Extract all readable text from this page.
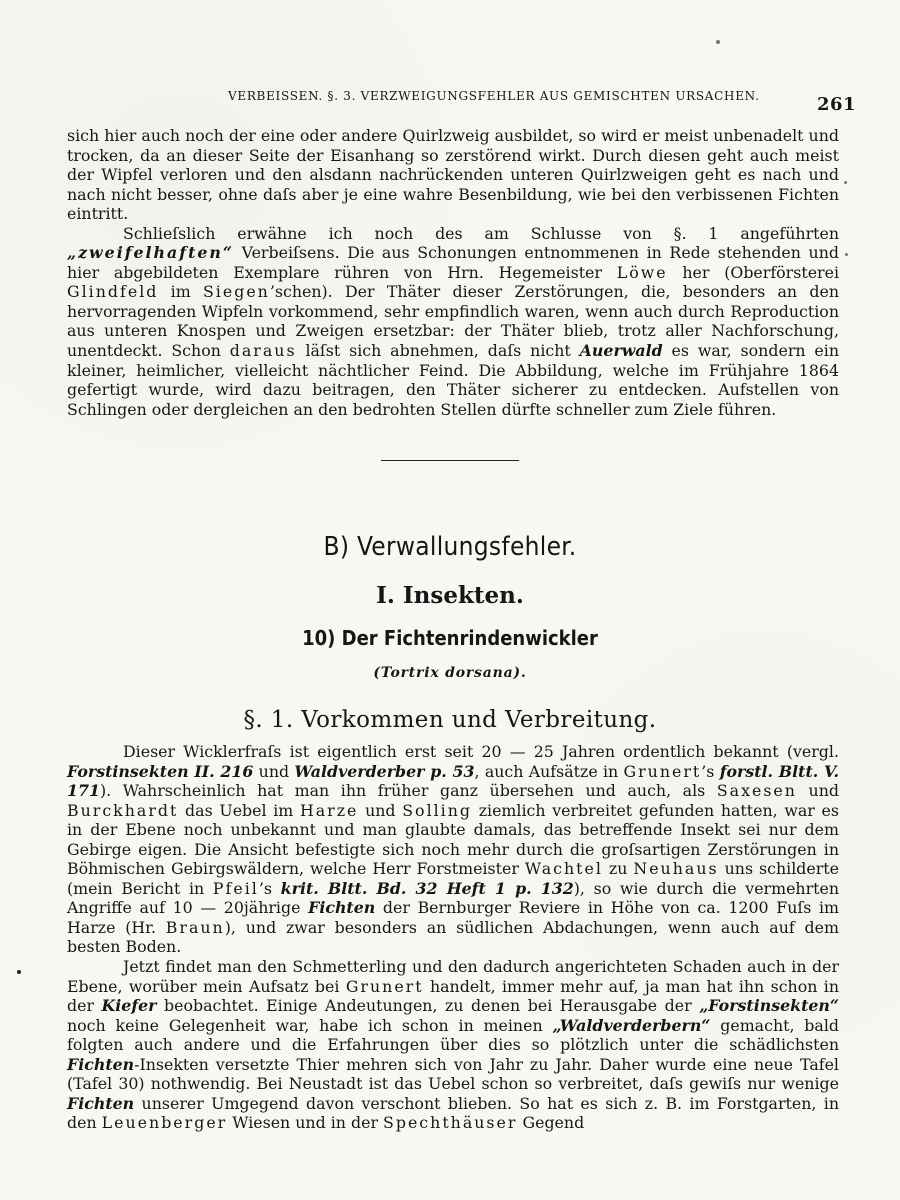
VERBEISSEN. §. 3. VERZWEIGUNGSFEHLER AUS GEMISCHTEN URSACHEN.	261

sich hier auch noch der eine oder andere Quirlzweig ausbildet, so wird er meist unbenadelt und trocken, da an dieser Seite der Eisanhang so zerstörend wirkt. Durch diesen geht auch meist der Wipfel verloren und den alsdann nachrückenden unteren Quirlzweigen geht es nach und nach nicht besser, ohne daſs aber je eine wahre Besenbildung, wie bei den verbissenen Fichten eintritt.

Schlieſslich erwähne ich noch des am Schlusse von §. 1 angeführten „zweifelhaften“ Verbeiſsens. Die aus Schonungen entnommenen in Rede stehenden und hier abgebildeten Exemplare rühren von Hrn. Hegemeister Löwe her (Oberförsterei Glindfeld im Siegen’schen). Der Thäter dieser Zerstörungen, die, besonders an den hervorragenden Wipfeln vorkommend, sehr empfindlich waren, wenn auch durch Reproduction aus unteren Knospen und Zweigen ersetzbar: der Thäter blieb, trotz aller Nachforschung, unentdeckt. Schon daraus läſst sich abnehmen, daſs nicht Auerwald es war, sondern ein kleiner, heimlicher, vielleicht nächtlicher Feind. Die Abbildung, welche im Frühjahre 1864 gefertigt wurde, wird dazu beitragen, den Thäter sicherer zu entdecken. Aufstellen von Schlingen oder dergleichen an den bedrohten Stellen dürfte schneller zum Ziele führen.

B) Verwallungsfehler.
I. Insekten.
10) Der Fichtenrindenwickler
(Tortrix dorsana).
§. 1. Vorkommen und Verbreitung.

Dieser Wicklerfraſs ist eigentlich erst seit 20 — 25 Jahren ordentlich bekannt (vergl. Forstinsekten II. 216 und Waldverderber p. 53, auch Aufsätze in Grunert’s forstl. Bltt. V. 171). Wahrscheinlich hat man ihn früher ganz übersehen und auch, als Saxesen und Burckhardt das Uebel im Harze und Solling ziemlich verbreitet gefunden hatten, war es in der Ebene noch unbekannt und man glaubte damals, das betreffende Insekt sei nur dem Gebirge eigen. Die Ansicht befestigte sich noch mehr durch die groſsartigen Zerstörungen in Böhmischen Gebirgswäldern, welche Herr Forstmeister Wachtel zu Neuhaus uns schilderte (mein Bericht in Pfeil’s krit. Bltt. Bd. 32 Heft 1 p. 132), so wie durch die vermehrten Angriffe auf 10 — 20jährige Fichten der Bernburger Reviere in Höhe von ca. 1200 Fuſs im Harze (Hr. Braun), und zwar besonders an südlichen Abdachungen, wenn auch auf dem besten Boden.

Jetzt findet man den Schmetterling und den dadurch angerichteten Schaden auch in der Ebene, worüber mein Aufsatz bei Grunert handelt, immer mehr auf, ja man hat ihn schon in der Kiefer beobachtet. Einige Andeutungen, zu denen bei Herausgabe der „Forstinsekten“ noch keine Gelegenheit war, habe ich schon in meinen „Waldverderbern“ gemacht, bald folgten auch andere und die Erfahrungen über dies so plötzlich unter die schädlichsten Fichten-Insekten versetzte Thier mehren sich von Jahr zu Jahr. Daher wurde eine neue Tafel (Tafel 30) nothwendig. Bei Neustadt ist das Uebel schon so verbreitet, daſs gewiſs nur wenige Fichten unserer Umgegend davon verschont blieben. So hat es sich z. B. im Forstgarten, in den Leuenberger Wiesen und in der Spechthäuser Gegend
